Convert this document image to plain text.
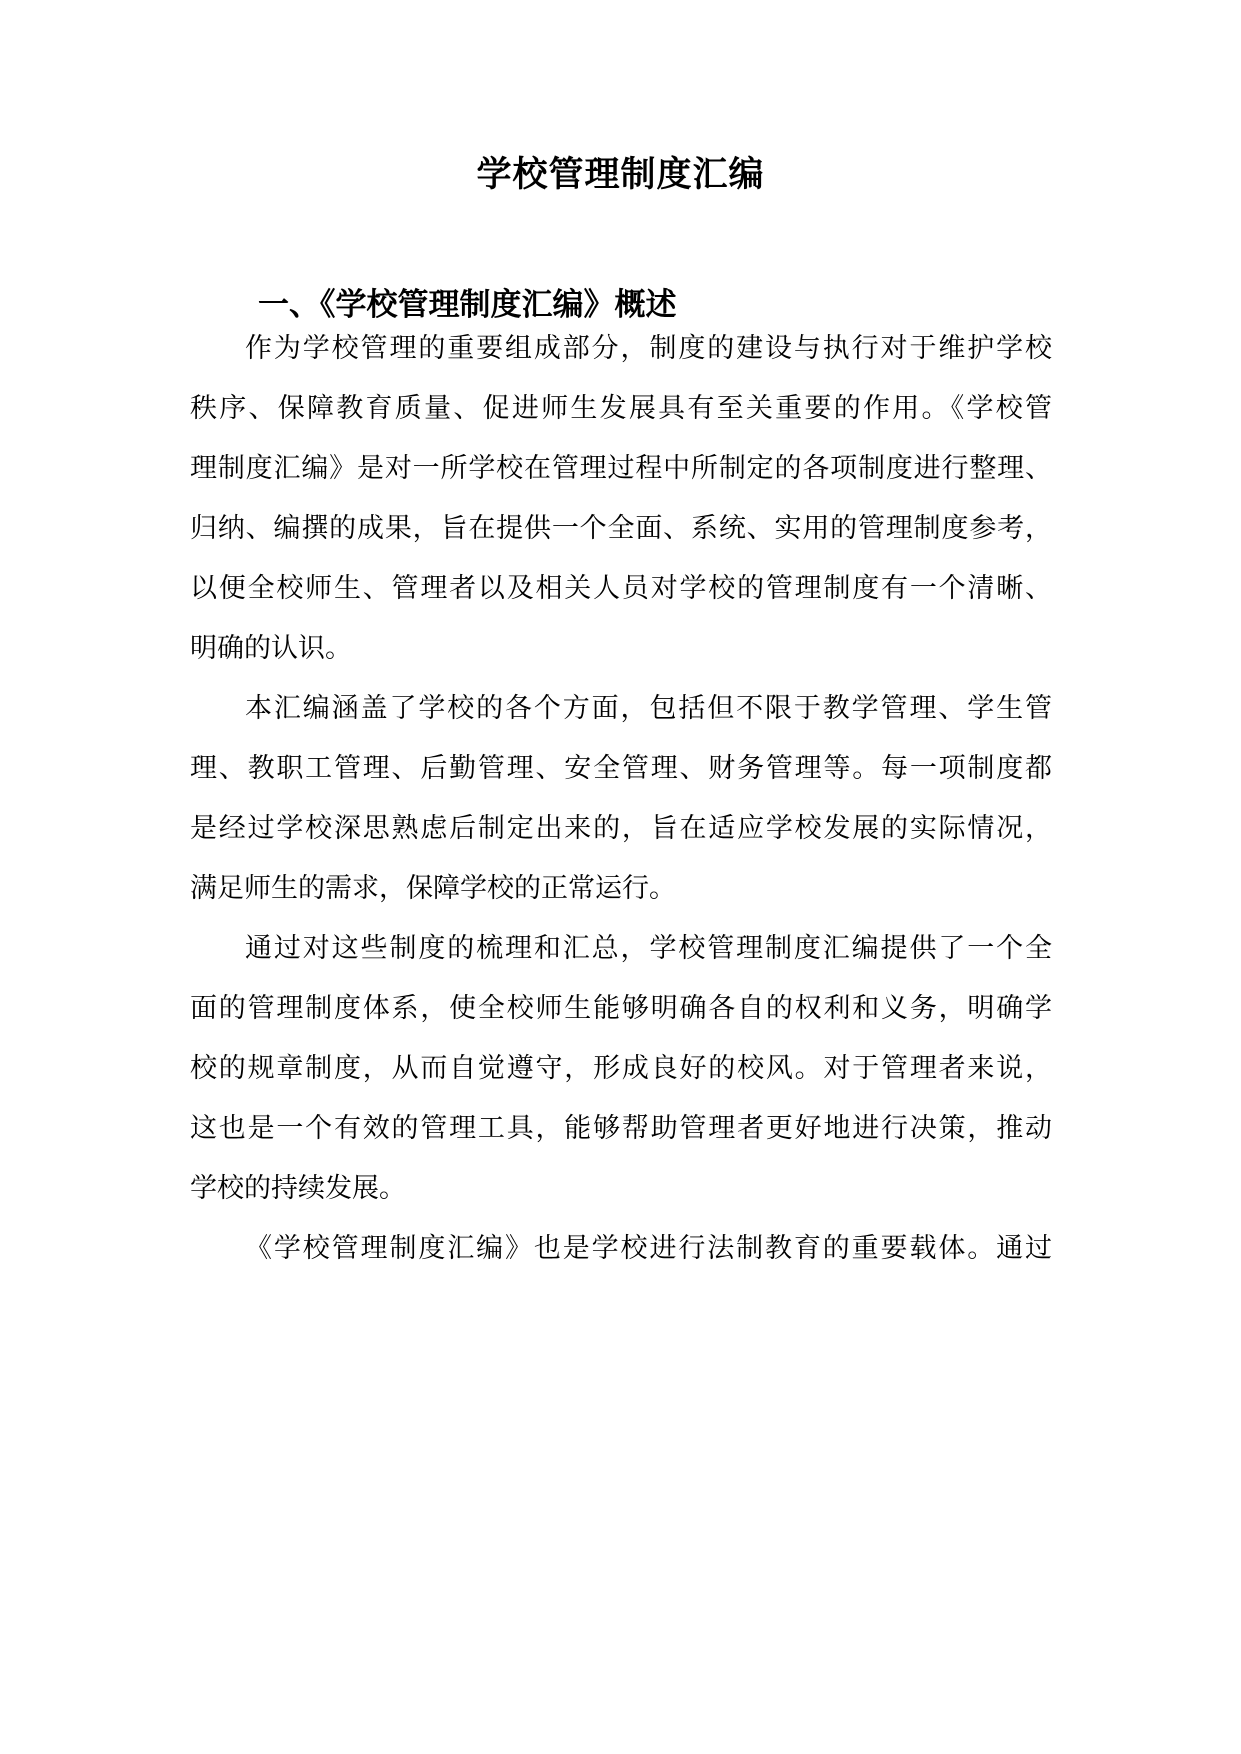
学校管理制度汇编
一、《学校管理制度汇编》概述

作为学校管理的重要组成部分，制度的建设与执行对于维护学校

秩序、保障教育质量、促进师生发展具有至关重要的作用。《学校管

理制度汇编》是对一所学校在管理过程中所制定的各项制度进行整理、

归纳、编撰的成果，旨在提供一个全面、系统、实用的管理制度参考，

以便全校师生、管理者以及相关人员对学校的管理制度有一个清晰、

明确的认识。

本汇编涵盖了学校的各个方面，包括但不限于教学管理、学生管

理、教职工管理、后勤管理、安全管理、财务管理等。每一项制度都

是经过学校深思熟虑后制定出来的，旨在适应学校发展的实际情况，

满足师生的需求，保障学校的正常运行。

通过对这些制度的梳理和汇总，学校管理制度汇编提供了一个全

面的管理制度体系，使全校师生能够明确各自的权利和义务，明确学

校的规章制度，从而自觉遵守，形成良好的校风。对于管理者来说，

这也是一个有效的管理工具，能够帮助管理者更好地进行决策，推动

学校的持续发展。

《学校管理制度汇编》也是学校进行法制教育的重要载体。通过
